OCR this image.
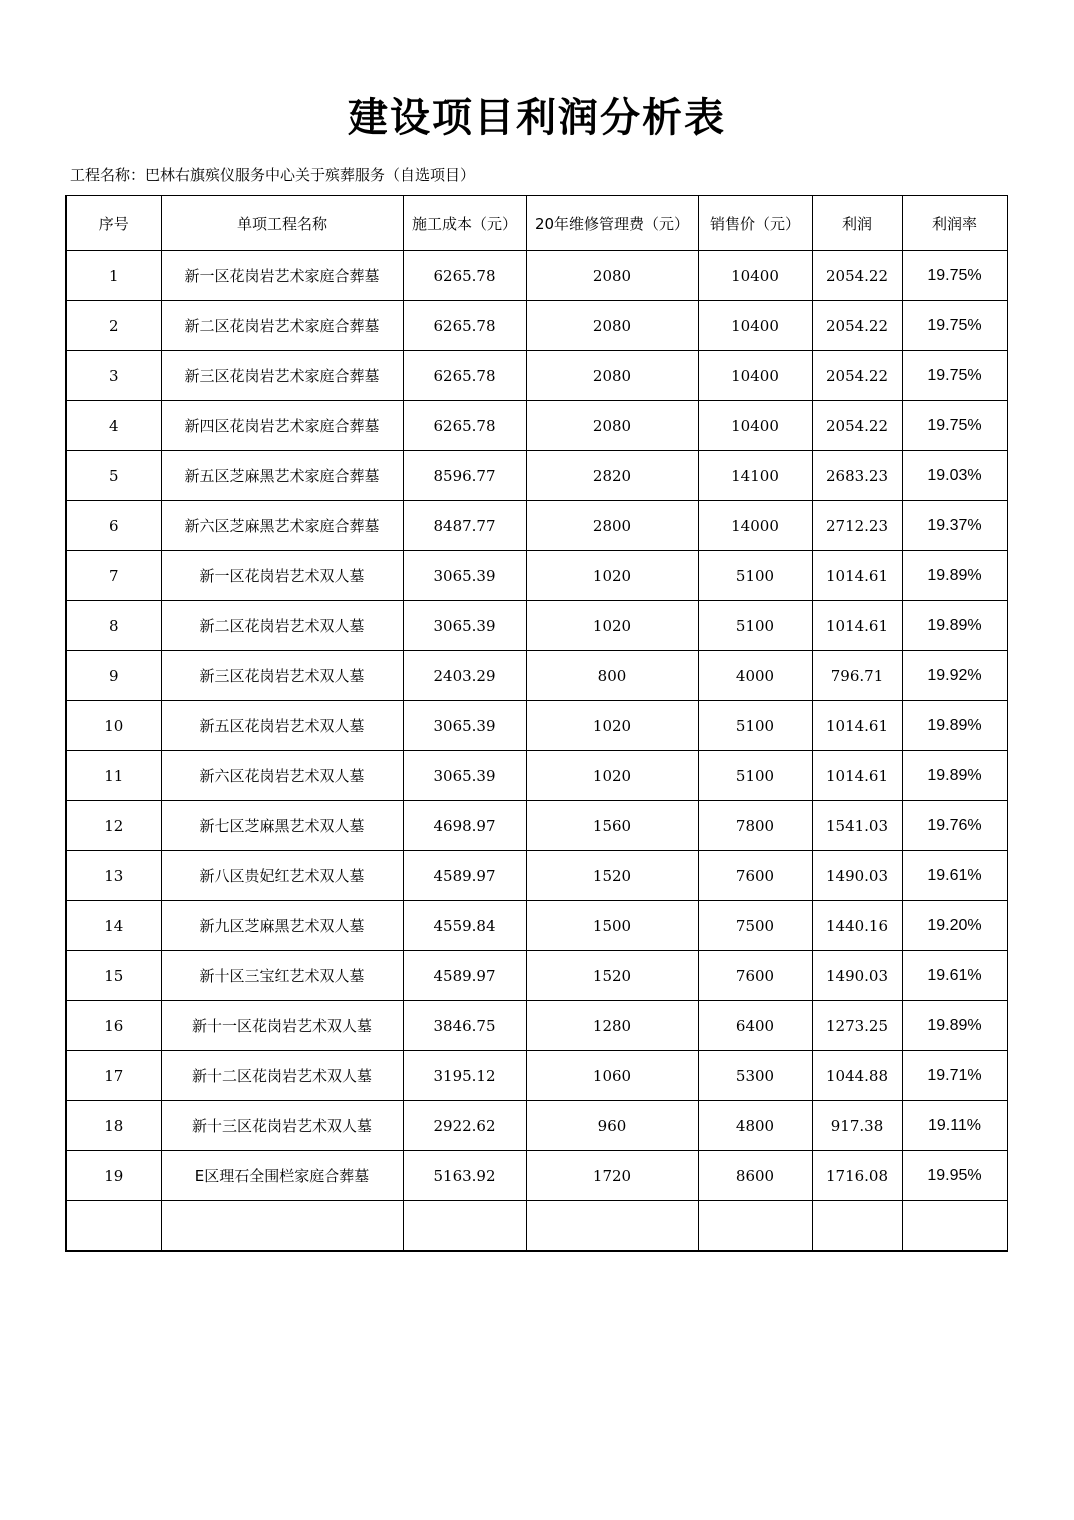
建设项目利润分析表
工程名称：巴林右旗殡仪服务中心关于殡葬服务（自选项目）
序号	单项工程名称	施工成本（元）	20年维修管理费（元）	销售价（元）	利润	利润率
1	新一区花岗岩艺术家庭合葬墓	6265.78	2080	10400	2054.22	19.75%
2	新二区花岗岩艺术家庭合葬墓	6265.78	2080	10400	2054.22	19.75%
3	新三区花岗岩艺术家庭合葬墓	6265.78	2080	10400	2054.22	19.75%
4	新四区花岗岩艺术家庭合葬墓	6265.78	2080	10400	2054.22	19.75%
5	新五区芝麻黑艺术家庭合葬墓	8596.77	2820	14100	2683.23	19.03%
6	新六区芝麻黑艺术家庭合葬墓	8487.77	2800	14000	2712.23	19.37%
7	新一区花岗岩艺术双人墓	3065.39	1020	5100	1014.61	19.89%
8	新二区花岗岩艺术双人墓	3065.39	1020	5100	1014.61	19.89%
9	新三区花岗岩艺术双人墓	2403.29	800	4000	796.71	19.92%
10	新五区花岗岩艺术双人墓	3065.39	1020	5100	1014.61	19.89%
11	新六区花岗岩艺术双人墓	3065.39	1020	5100	1014.61	19.89%
12	新七区芝麻黑艺术双人墓	4698.97	1560	7800	1541.03	19.76%
13	新八区贵妃红艺术双人墓	4589.97	1520	7600	1490.03	19.61%
14	新九区芝麻黑艺术双人墓	4559.84	1500	7500	1440.16	19.20%
15	新十区三宝红艺术双人墓	4589.97	1520	7600	1490.03	19.61%
16	新十一区花岗岩艺术双人墓	3846.75	1280	6400	1273.25	19.89%
17	新十二区花岗岩艺术双人墓	3195.12	1060	5300	1044.88	19.71%
18	新十三区花岗岩艺术双人墓	2922.62	960	4800	917.38	19.11%
19	E区理石全围栏家庭合葬墓	5163.92	1720	8600	1716.08	19.95%
